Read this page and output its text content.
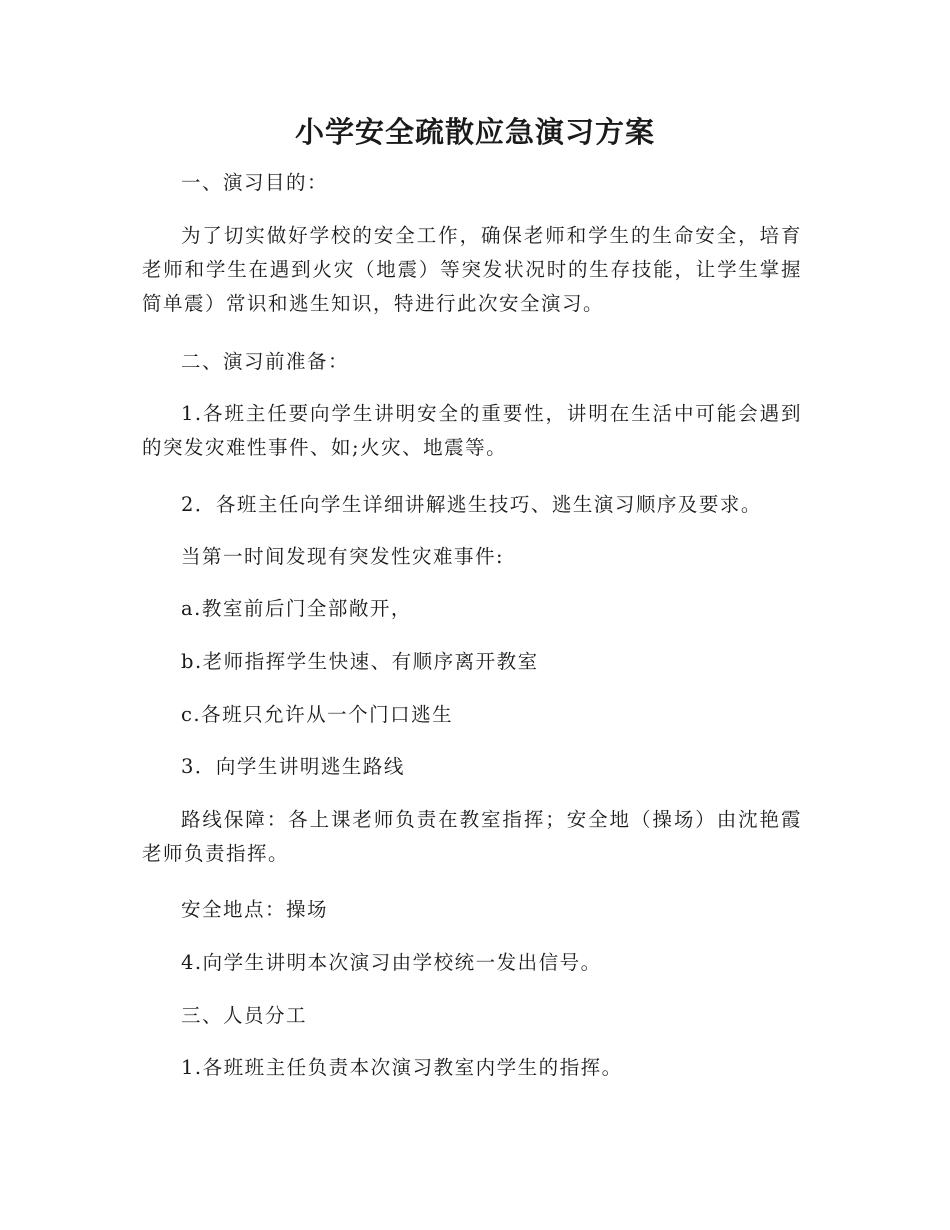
小学安全疏散应急演习方案

一、演习目的：

为了切实做好学校的安全工作，确保老师和学生的生命安全，培育老师和学生在遇到火灾（地震）等突发状况时的生存技能，让学生掌握简单震）常识和逃生知识，特进行此次安全演习。

二、演习前准备：

1.各班主任要向学生讲明安全的重要性，讲明在生活中可能会遇到的突发灾难性事件、如;火灾、地震等。

2．各班主任向学生详细讲解逃生技巧、逃生演习顺序及要求。

当第一时间发现有突发性灾难事件:

a.教室前后门全部敞开，

b.老师指挥学生快速、有顺序离开教室

c.各班只允许从一个门口逃生

3．向学生讲明逃生路线

路线保障：各上课老师负责在教室指挥；安全地（操场）由沈艳霞老师负责指挥。

安全地点：操场

4.向学生讲明本次演习由学校统一发出信号。

三、人员分工

1.各班班主任负责本次演习教室内学生的指挥。
